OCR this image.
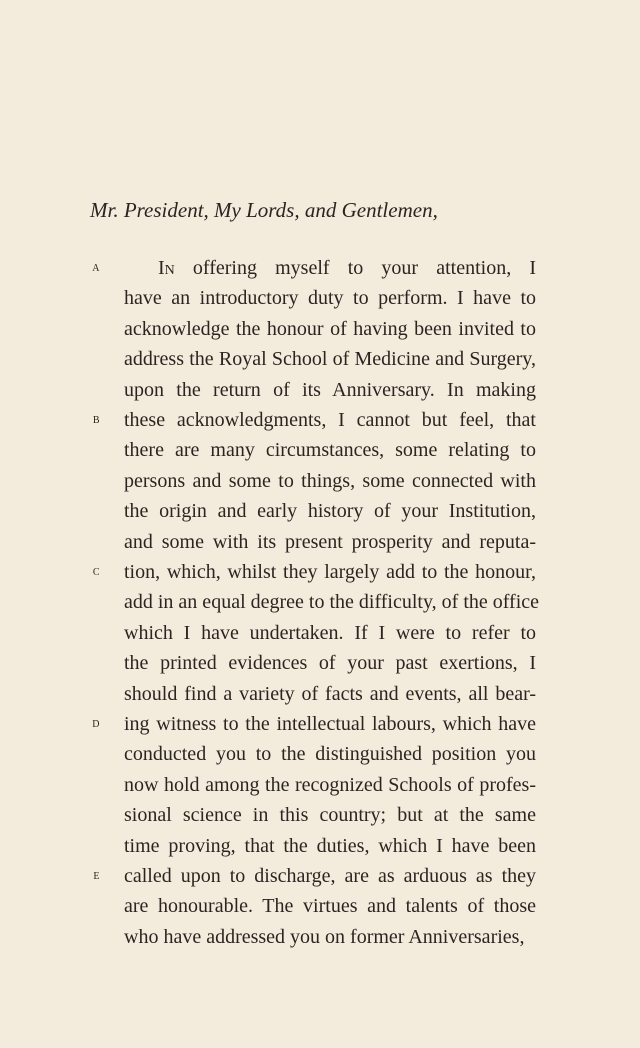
Mr. President, My Lords, and Gentlemen,
In offering myself to your attention, I
have an introductory duty to perform. I have to
acknowledge the honour of having been invited to
address the Royal School of Medicine and Surgery,
upon the return of its Anniversary. In making
these acknowledgments, I cannot but feel, that
there are many circumstances, some relating to
persons and some to things, some connected with
the origin and early history of your Institution,
and some with its present prosperity and reputa-
tion, which, whilst they largely add to the honour,
add in an equal degree to the difficulty, of the office
which I have undertaken. If I were to refer to
the printed evidences of your past exertions, I
should find a variety of facts and events, all bear-
ing witness to the intellectual labours, which have
conducted you to the distinguished position you
now hold among the recognized Schools of profes-
sional science in this country; but at the same
time proving, that the duties, which I have been
called upon to discharge, are as arduous as they
are honourable. The virtues and talents of those
who have addressed you on former Anniversaries,
a
b
c
d
e
